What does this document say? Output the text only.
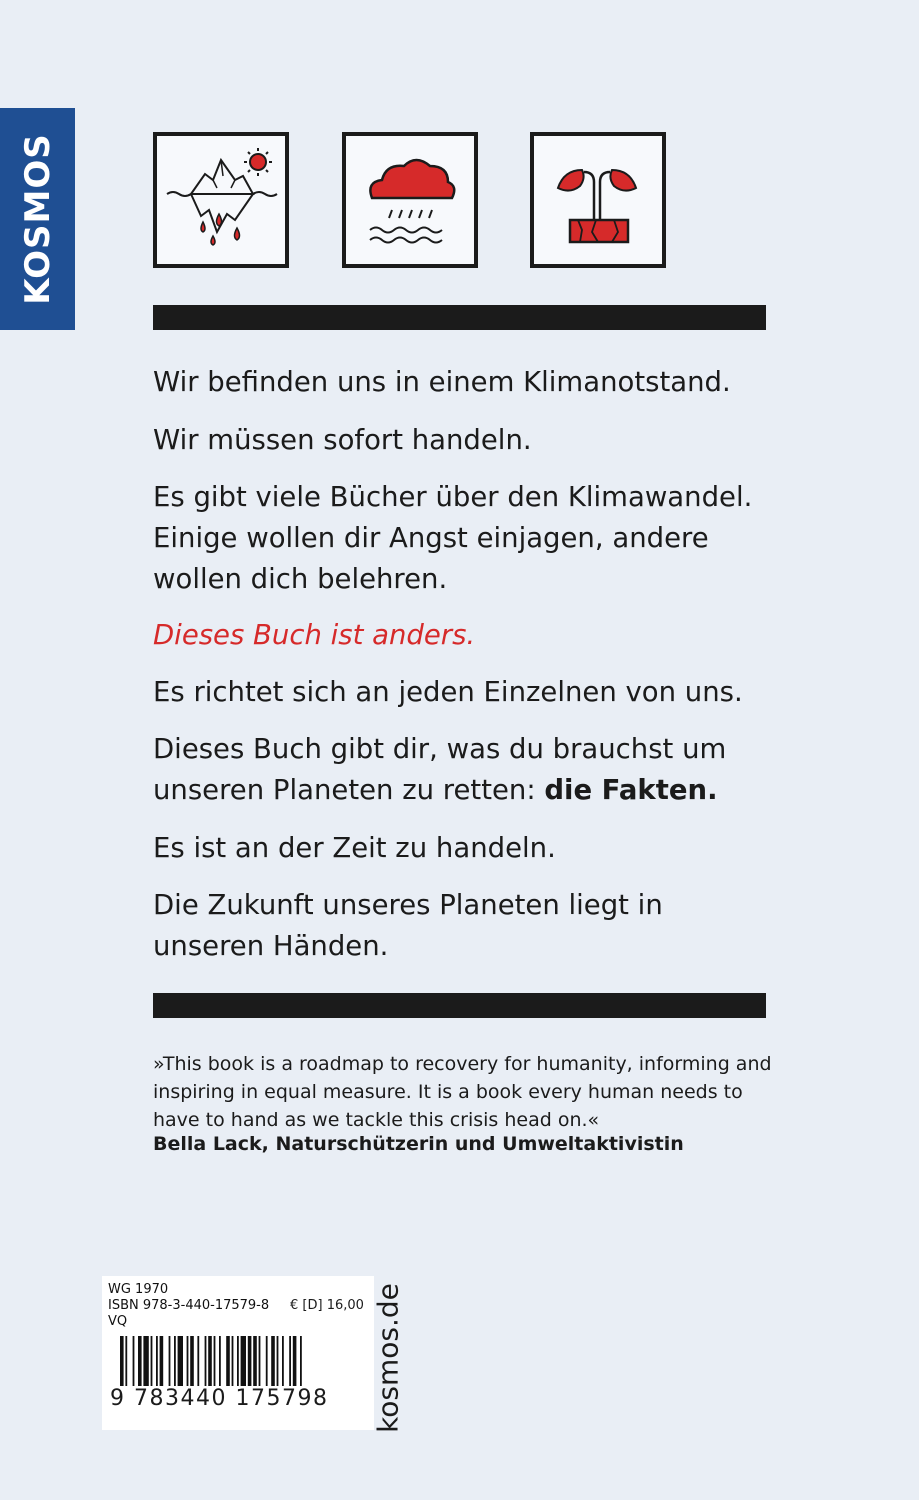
KOSMOS

Wir befinden uns in einem Klimanotstand.

Wir müssen sofort handeln.

Es gibt viele Bücher über den Klimawandel.
Einige wollen dir Angst einjagen, andere
wollen dich belehren.

Dieses Buch ist anders.

Es richtet sich an jeden Einzelnen von uns.

Dieses Buch gibt dir, was du brauchst um
unseren Planeten zu retten: die Fakten.

Es ist an der Zeit zu handeln.

Die Zukunft unseres Planeten liegt in
unseren Händen.

»This book is a roadmap to recovery for humanity, informing and
inspiring in equal measure. It is a book every human needs to
have to hand as we tackle this crisis head on.«

Bella Lack, Naturschützerin und Umweltaktivistin
WG 1970
ISBN 978-3-440-17579-8 € [D] 16,00
VQ
9 783440 175798 kosmos.de
